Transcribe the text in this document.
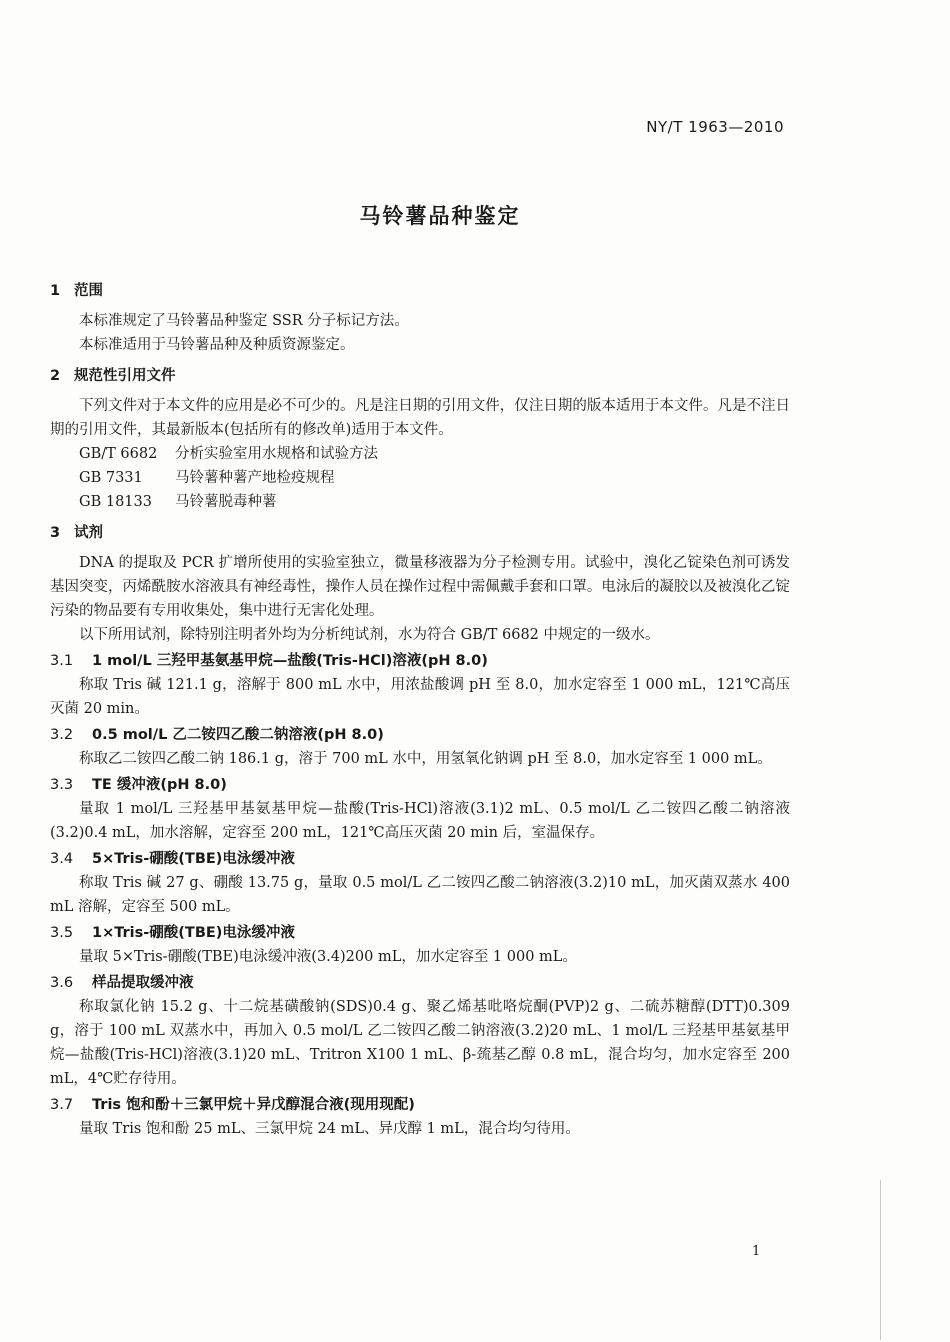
NY/T 1963—2010
马铃薯品种鉴定
1 范围
本标准规定了马铃薯品种鉴定 SSR 分子标记方法。
本标准适用于马铃薯品种及种质资源鉴定。
2 规范性引用文件
下列文件对于本文件的应用是必不可少的。凡是注日期的引用文件，仅注日期的版本适用于本文件。凡是不注日期的引用文件，其最新版本(包括所有的修改单)适用于本文件。
GB/T 6682 分析实验室用水规格和试验方法
GB 7331 马铃薯种薯产地检疫规程
GB 18133 马铃薯脱毒种薯
3 试剂
DNA 的提取及 PCR 扩增所使用的实验室独立，微量移液器为分子检测专用。试验中，溴化乙锭染色剂可诱发基因突变，丙烯酰胺水溶液具有神经毒性，操作人员在操作过程中需佩戴手套和口罩。电泳后的凝胶以及被溴化乙锭污染的物品要有专用收集处，集中进行无害化处理。
以下所用试剂，除特别注明者外均为分析纯试剂，水为符合 GB/T 6682 中规定的一级水。
3.1 1 mol/L 三羟甲基氨基甲烷—盐酸(Tris-HCl)溶液(pH 8.0)
称取 Tris 碱 121.1 g，溶解于 800 mL 水中，用浓盐酸调 pH 至 8.0，加水定容至 1 000 mL，121℃高压灭菌 20 min。
3.2 0.5 mol/L 乙二铵四乙酸二钠溶液(pH 8.0)
称取乙二铵四乙酸二钠 186.1 g，溶于 700 mL 水中，用氢氧化钠调 pH 至 8.0，加水定容至 1 000 mL。
3.3 TE 缓冲液(pH 8.0)
量取 1 mol/L 三羟基甲基氨基甲烷—盐酸(Tris-HCl)溶液(3.1)2 mL、0.5 mol/L 乙二铵四乙酸二钠溶液(3.2)0.4 mL，加水溶解，定容至 200 mL，121℃高压灭菌 20 min 后，室温保存。
3.4 5×Tris-硼酸(TBE)电泳缓冲液
称取 Tris 碱 27 g、硼酸 13.75 g，量取 0.5 mol/L 乙二铵四乙酸二钠溶液(3.2)10 mL，加灭菌双蒸水 400 mL 溶解，定容至 500 mL。
3.5 1×Tris-硼酸(TBE)电泳缓冲液
量取 5×Tris-硼酸(TBE)电泳缓冲液(3.4)200 mL，加水定容至 1 000 mL。
3.6 样品提取缓冲液
称取氯化钠 15.2 g、十二烷基磺酸钠(SDS)0.4 g、聚乙烯基吡咯烷酮(PVP)2 g、二硫苏糖醇(DTT)0.309 g，溶于 100 mL 双蒸水中，再加入 0.5 mol/L 乙二铵四乙酸二钠溶液(3.2)20 mL、1 mol/L 三羟基甲基氨基甲烷—盐酸(Tris-HCl)溶液(3.1)20 mL、Tritron X100 1 mL、β-巯基乙醇 0.8 mL，混合均匀，加水定容至 200 mL，4℃贮存待用。
3.7 Tris 饱和酚＋三氯甲烷＋异戊醇混合液(现用现配)
量取 Tris 饱和酚 25 mL、三氯甲烷 24 mL、异戊醇 1 mL，混合均匀待用。
1
